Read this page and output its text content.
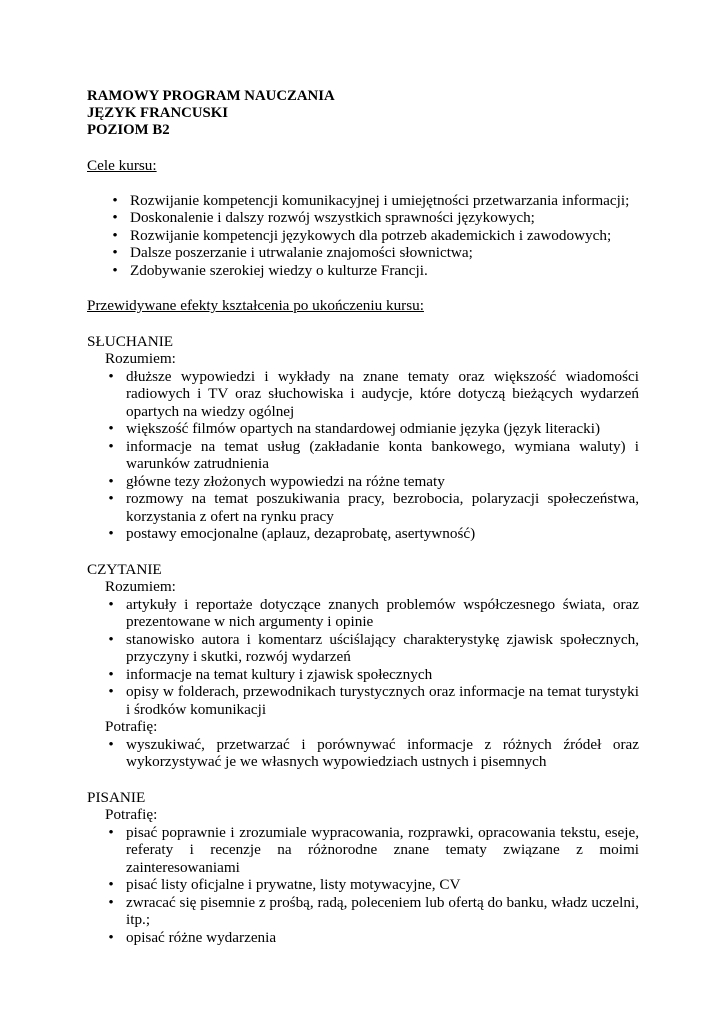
RAMOWY PROGRAM NAUCZANIA
JĘZYK FRANCUSKI
POZIOM B2
Cele kursu:
• Rozwijanie kompetencji komunikacyjnej i umiejętności przetwarzania informacji;
• Doskonalenie i dalszy rozwój wszystkich sprawności językowych;
• Rozwijanie kompetencji językowych dla potrzeb akademickich i zawodowych;
• Dalsze poszerzanie i utrwalanie znajomości słownictwa;
• Zdobywanie szerokiej wiedzy o kulturze Francji.
Przewidywane efekty kształcenia po ukończeniu kursu:
SŁUCHANIE
Rozumiem:
• dłuższe wypowiedzi i wykłady na znane tematy oraz większość wiadomości radiowych i TV oraz słuchowiska i audycje, które dotyczą bieżących wydarzeń opartych na wiedzy ogólnej
• większość filmów opartych na standardowej odmianie języka (język literacki)
• informacje na temat usług (zakładanie konta bankowego, wymiana waluty) i warunków zatrudnienia
• główne tezy złożonych wypowiedzi na różne tematy
• rozmowy na temat poszukiwania pracy, bezrobocia, polaryzacji społeczeństwa, korzystania z ofert na rynku pracy
• postawy emocjonalne (aplauz, dezaprobatę, asertywność)
CZYTANIE
Rozumiem:
• artykuły i reportaże dotyczące znanych problemów współczesnego świata, oraz prezentowane w nich argumenty i opinie
• stanowisko autora i komentarz uściślający charakterystykę zjawisk społecznych, przyczyny i skutki, rozwój wydarzeń
• informacje na temat kultury i zjawisk społecznych
• opisy w folderach, przewodnikach turystycznych oraz informacje na temat turystyki i środków komunikacji
Potrafię:
• wyszukiwać, przetwarzać i porównywać informacje z różnych źródeł oraz wykorzystywać je we własnych wypowiedziach ustnych i pisemnych
PISANIE
Potrafię:
• pisać poprawnie i zrozumiale wypracowania, rozprawki, opracowania tekstu, eseje, referaty i recenzje na różnorodne znane tematy związane z moimi zainteresowaniami
• pisać listy oficjalne i prywatne, listy motywacyjne, CV
• zwracać się pisemnie z prośbą, radą, poleceniem lub ofertą do banku, władz uczelni, itp.;
• opisać różne wydarzenia
